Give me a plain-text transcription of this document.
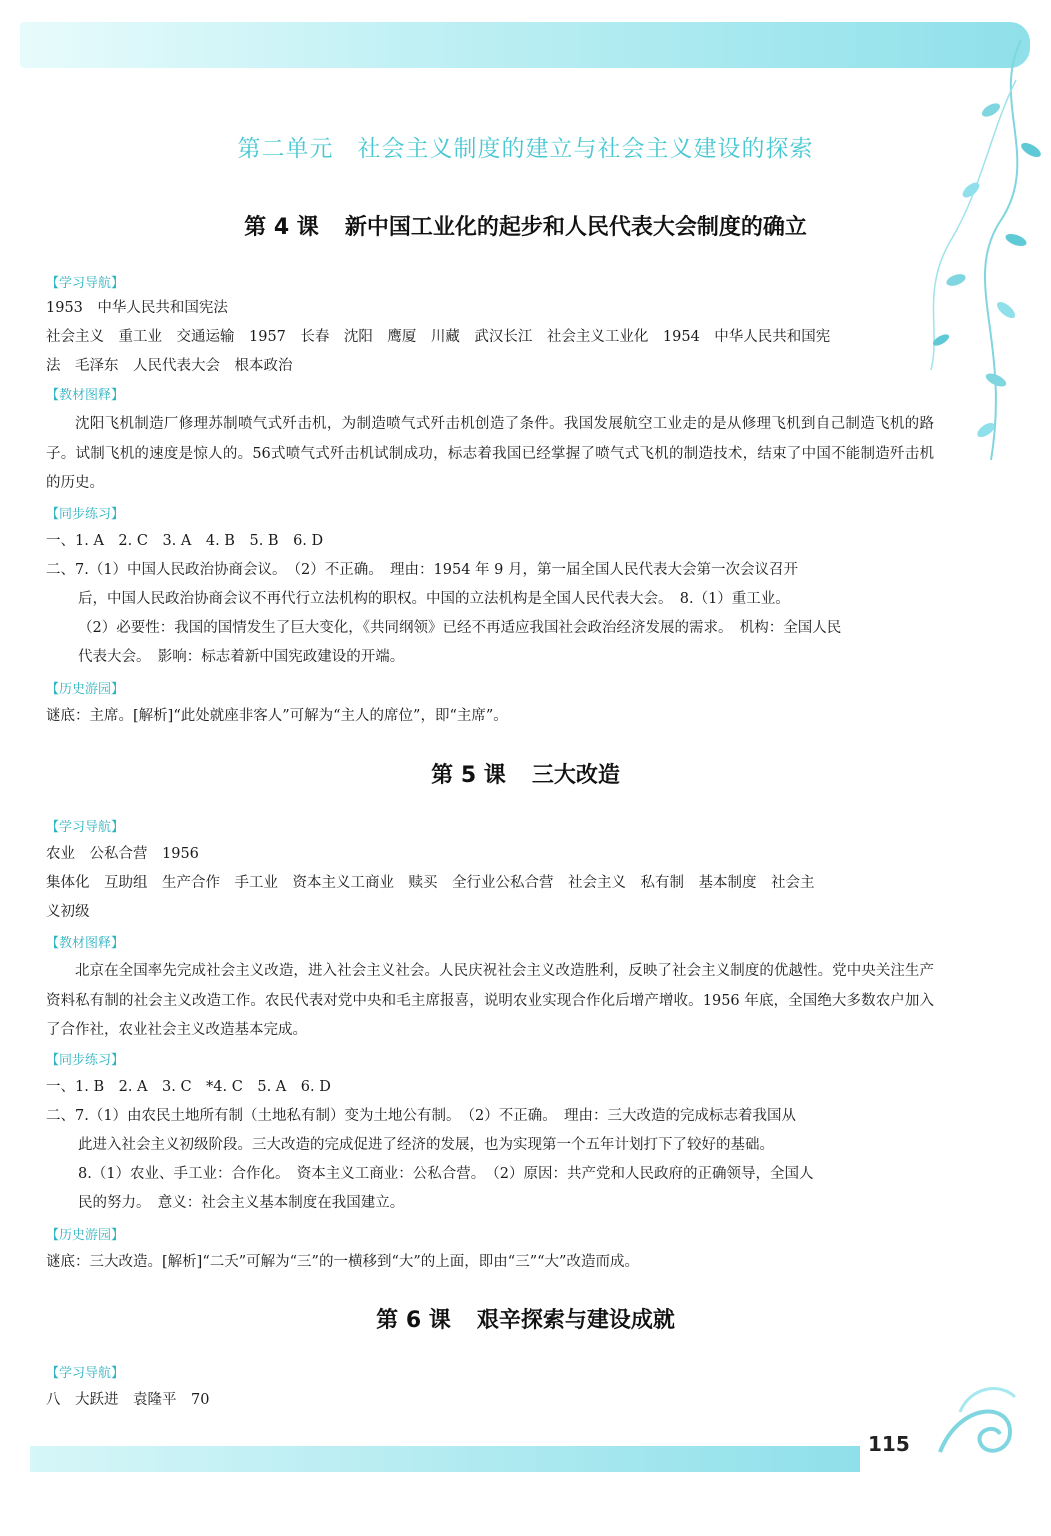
第二单元　社会主义制度的建立与社会主义建设的探索
第 4 课 新中国工业化的起步和人民代表大会制度的确立
【学习导航】
1953　中华人民共和国宪法
社会主义　重工业　交通运输　1957　长春　沈阳　鹰厦　川藏　武汉长江　社会主义工业化　1954　中华人民共和国宪
法　毛泽东　人民代表大会　根本政治
【教材图释】
沈阳飞机制造厂修理苏制喷气式歼击机，为制造喷气式歼击机创造了条件。我国发展航空工业走的是从修理飞机到自己制造飞机的路子。试制飞机的速度是惊人的。56式喷气式歼击机试制成功，标志着我国已经掌握了喷气式飞机的制造技术，结束了中国不能制造歼击机的历史。
【同步练习】
一、1. A　2. C　3. A　4. B　5. B　6. D
二、7.（1）中国人民政治协商会议。　（2）不正确。　理由：1954 年 9 月，第一届全国人民代表大会第一次会议召开
后，中国人民政治协商会议不再代行立法机构的职权。中国的立法机构是全国人民代表大会。　8.（1）重工业。
（2）必要性：我国的国情发生了巨大变化，《共同纲领》已经不再适应我国社会政治经济发展的需求。　机构：全国人民
代表大会。　影响：标志着新中国宪政建设的开端。
【历史游园】
谜底：主席。[解析]“此处就座非客人”可解为“主人的席位”，即“主席”。
第 5 课 三大改造
【学习导航】
农业　公私合营　1956
集体化　互助组　生产合作　手工业　资本主义工商业　赎买　全行业公私合营　社会主义　私有制　基本制度　社会主
义初级
【教材图释】
北京在全国率先完成社会主义改造，进入社会主义社会。人民庆祝社会主义改造胜利，反映了社会主义制度的优越性。党中央关注生产资料私有制的社会主义改造工作。农民代表对党中央和毛主席报喜，说明农业实现合作化后增产增收。1956 年底，全国绝大多数农户加入了合作社，农业社会主义改造基本完成。
【同步练习】
一、1. B　2. A　3. C　*4. C　5. A　6. D
二、7.（1）由农民土地所有制（土地私有制）变为土地公有制。　（2）不正确。　理由：三大改造的完成标志着我国从
此进入社会主义初级阶段。三大改造的完成促进了经济的发展，也为实现第一个五年计划打下了较好的基础。
8.（1）农业、手工业：合作化。　资本主义工商业：公私合营。　（2）原因：共产党和人民政府的正确领导，全国人
民的努力。　意义：社会主义基本制度在我国建立。
【历史游园】
谜底：三大改造。[解析]“二夭”可解为“三”的一横移到“大”的上面，即由“三”“大”改造而成。
第 6 课 艰辛探索与建设成就
【学习导航】
八　大跃进　袁隆平　70
115
